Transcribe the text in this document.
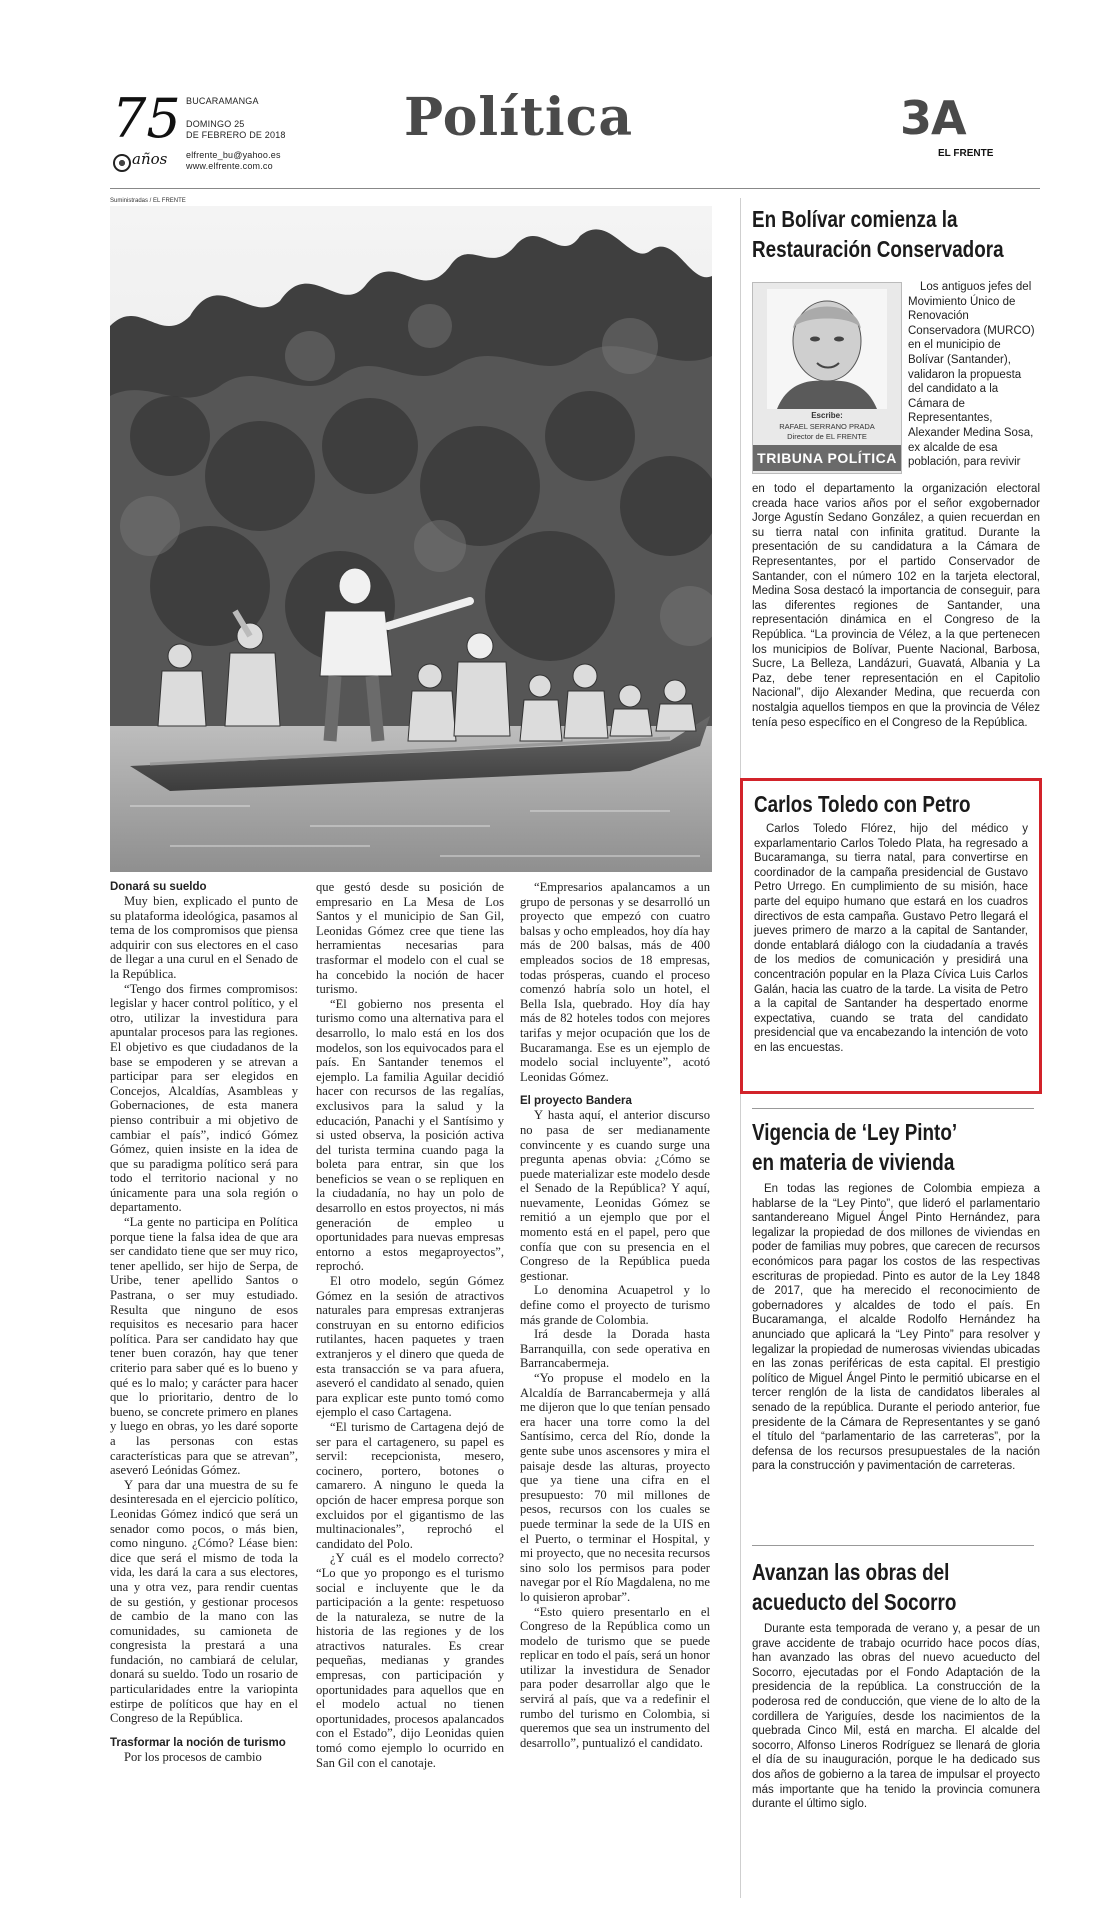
75
años
BUCARAMANGA
DOMINGO 25
DE FEBRERO DE 2018
elfrente_bu@yahoo.es
www.elfrente.com.co
Política	3A
EL FRENTE
Suministradas / EL FRENTE
Donará su sueldo

Muy bien, explicado el punto de su plataforma ideológica, pasamos al tema de los compromisos que piensa adquirir con sus electores en el caso de llegar a una curul en el Senado de la República.

“Tengo dos firmes compromisos: legislar y hacer control político, y el otro, utilizar la investidura para apuntalar procesos para las regiones. El objetivo es que ciudadanos de la base se empoderen y se atrevan a participar para ser elegidos en Concejos, Alcaldías, Asambleas y Gobernaciones, de esta manera pienso contribuir a mi objetivo de cambiar el país”, indicó Gómez Gómez, quien insiste en la idea de que su paradigma político será para todo el territorio nacional y no únicamente para una sola región o departamento.

“La gente no participa en Política porque tiene la falsa idea de que ara ser candidato tiene que ser muy rico, tener apellido, ser hijo de Serpa, de Uribe, tener apellido Santos o Pastrana, o ser muy estudiado. Resulta que ninguno de esos requisitos es necesario para hacer política. Para ser candidato hay que tener buen corazón, hay que tener criterio para saber qué es lo bueno y qué es lo malo; y carácter para hacer que lo prioritario, dentro de lo bueno, se concrete primero en planes y luego en obras, yo les daré soporte a las personas con estas características para que se atrevan”, aseveró Leónidas Gómez.

Y para dar una muestra de su fe desinteresada en el ejercicio político, Leonidas Gómez indicó que será un senador como pocos, o más bien, como ninguno. ¿Cómo? Léase bien: dice que será el mismo de toda la vida, les dará la cara a sus electores, una y otra vez, para rendir cuentas de su gestión, y gestionar procesos de cambio de la mano con las comunidades, su camioneta de congresista la prestará a una fundación, no cambiará de celular, donará su sueldo. Todo un rosario de particularidades entre la variopinta estirpe de políticos que hay en el Congreso de la República.

Trasformar la noción de turismo

Por los procesos de cambio

que gestó desde su posición de empresario en La Mesa de Los Santos y el municipio de San Gil, Leonidas Gómez cree que tiene las herramientas necesarias para trasformar el modelo con el cual se ha concebido la noción de hacer turismo.

“El gobierno nos presenta el turismo como una alternativa para el desarrollo, lo malo está en los dos modelos, son los equivocados para el país. En Santander tenemos el ejemplo. La familia Aguilar decidió hacer con recursos de las regalías, exclusivos para la salud y la educación, Panachi y el Santísimo y si usted observa, la posición activa del turista termina cuando paga la boleta para entrar, sin que los beneficios se vean o se repliquen en la ciudadanía, no hay un polo de desarrollo en estos proyectos, ni más generación de empleo u oportunidades para nuevas empresas entorno a estos megaproyectos”, reprochó.

El otro modelo, según Gómez Gómez en la sesión de atractivos naturales para empresas extranjeras construyan en su entorno edificios rutilantes, hacen paquetes y traen extranjeros y el dinero que queda de esta transacción se va para afuera, aseveró el candidato al senado, quien para explicar este punto tomó como ejemplo el caso Cartagena.

“El turismo de Cartagena dejó de ser para el cartagenero, su papel es servil: recepcionista, mesero, cocinero, portero, botones o camarero. A ninguno le queda la opción de hacer empresa porque son excluidos por el gigantismo de las multinacionales”, reprochó el candidato del Polo.

¿Y cuál es el modelo correcto? “Lo que yo propongo es el turismo social e incluyente que le da participación a la gente: respetuoso de la naturaleza, se nutre de la historia de las regiones y de los atractivos naturales. Es crear pequeñas, medianas y grandes empresas, con participación y oportunidades para aquellos que en el modelo actual no tienen oportunidades, procesos apalancados con el Estado”, dijo Leonidas quien tomó como ejemplo lo ocurrido en San Gil con el canotaje.

“Empresarios apalancamos a un grupo de personas y se desarrolló un proyecto que empezó con cuatro balsas y ocho empleados, hoy día hay más de 200 balsas, más de 400 empleados socios de 18 empresas, todas prósperas, cuando el proceso comenzó habría solo un hotel, el Bella Isla, quebrado. Hoy día hay más de 82 hoteles todos con mejores tarifas y mejor ocupación que los de Bucaramanga. Ese es un ejemplo de modelo social incluyente”, acotó Leonidas Gómez.

El proyecto Bandera

Y hasta aquí, el anterior discurso no pasa de ser medianamente convincente y es cuando surge una pregunta apenas obvia: ¿Cómo se puede materializar este modelo desde el Senado de la República? Y aquí, nuevamente, Leonidas Gómez se remitió a un ejemplo que por el momento está en el papel, pero que confía que con su presencia en el Congreso de la República pueda gestionar.

Lo denomina Acuapetrol y lo define como el proyecto de turismo más grande de Colombia.

Irá desde la Dorada hasta Barranquilla, con sede operativa en Barrancabermeja.

“Yo propuse el modelo en la Alcaldía de Barrancabermeja y allá me dijeron que lo que tenían pensado era hacer una torre como la del Santísimo, cerca del Río, donde la gente sube unos ascensores y mira el paisaje desde las alturas, proyecto que ya tiene una cifra en el presupuesto: 70 mil millones de pesos, recursos con los cuales se puede terminar la sede de la UIS en el Puerto, o terminar el Hospital, y mi proyecto, que no necesita recursos sino solo los permisos para poder navegar por el Río Magdalena, no me lo quisieron aprobar”.

“Esto quiero presentarlo en el Congreso de la República como un modelo de turismo que se puede replicar en todo el país, será un honor utilizar la investidura de Senador para poder desarrollar algo que le servirá al país, que va a redefinir el rumbo del turismo en Colombia, si queremos que sea un instrumento del desarrollo”, puntualizó el candidato.

En Bolívar comienza la
Restauración Conservadora
Escribe:
RAFAEL SERRANO PRADA
Director de EL FRENTE
TRIBUNA POLÍTICA
Los antiguos jefes del Movimiento Único de Renovación Conservadora (MURCO) en el municipio de Bolívar (Santander), validaron la propuesta del candidato a la Cámara de Representantes, Alexander Medina Sosa, ex alcalde de esa población, para revivir
en todo el departamento la organización electoral creada hace varios años por el señor exgobernador Jorge Agustín Sedano González, a quien recuerdan en su tierra natal con infinita gratitud. Durante la presentación de su candidatura a la Cámara de Representantes, por el partido Conservador de Santander, con el número 102 en la tarjeta electoral, Medina Sosa destacó la importancia de conseguir, para las diferentes regiones de Santander, una representación dinámica en el Congreso de la República. “La provincia de Vélez, a la que pertenecen los municipios de Bolívar, Puente Nacional, Barbosa, Sucre, La Belleza, Landázuri, Guavatá, Albania y La Paz, debe tener representación en el Capitolio Nacional”, dijo Alexander Medina, que recuerda con nostalgia aquellos tiempos en que la provincia de Vélez tenía peso específico en el Congreso de la República.
Carlos Toledo con Petro
Carlos Toledo Flórez, hijo del médico y exparlamentario Carlos Toledo Plata, ha regresado a Bucaramanga, su tierra natal, para convertirse en coordinador de la campaña presidencial de Gustavo Petro Urrego. En cumplimiento de su misión, hace parte del equipo humano que estará en los cuadros directivos de esta campaña. Gustavo Petro llegará el jueves primero de marzo a la capital de Santander, donde entablará diálogo con la ciudadanía a través de los medios de comunicación y presidirá una concentración popular en la Plaza Cívica Luis Carlos Galán, hacia las cuatro de la tarde. La visita de Petro a la capital de Santander ha despertado enorme expectativa, cuando se trata del candidato presidencial que va encabezando la intención de voto en las encuestas.
Vigencia de ‘Ley Pinto’
en materia de vivienda
En todas las regiones de Colombia empieza a hablarse de la “Ley Pinto”, que lideró el parlamentario santandereano Miguel Ángel Pinto Hernández, para legalizar la propiedad de dos millones de viviendas en poder de familias muy pobres, que carecen de recursos económicos para pagar los costos de las respectivas escrituras de propiedad. Pinto es autor de la Ley 1848 de 2017, que ha merecido el reconocimiento de gobernadores y alcaldes de todo el país. En Bucaramanga, el alcalde Rodolfo Hernández ha anunciado que aplicará la “Ley Pinto” para resolver y legalizar la propiedad de numerosas viviendas ubicadas en las zonas periféricas de esta capital. El prestigio político de Miguel Ángel Pinto le permitió ubicarse en el tercer renglón de la lista de candidatos liberales al senado de la república. Durante el periodo anterior, fue presidente de la Cámara de Representantes y se ganó el título del “parlamentario de las carreteras”, por la defensa de los recursos presupuestales de la nación para la construcción y pavimentación de carreteras.
Avanzan las obras del
acueducto del Socorro
Durante esta temporada de verano y, a pesar de un grave accidente de trabajo ocurrido hace pocos días, han avanzado las obras del nuevo acueducto del Socorro, ejecutadas por el Fondo Adaptación de la presidencia de la república. La construcción de la poderosa red de conducción, que viene de lo alto de la cordillera de Yariguíes, desde los nacimientos de la quebrada Cinco Mil, está en marcha. El alcalde del socorro, Alfonso Lineros Rodríguez se llenará de gloria el día de su inauguración, porque le ha dedicado sus dos años de gobierno a la tarea de impulsar el proyecto más importante que ha tenido la provincia comunera durante el último siglo.
